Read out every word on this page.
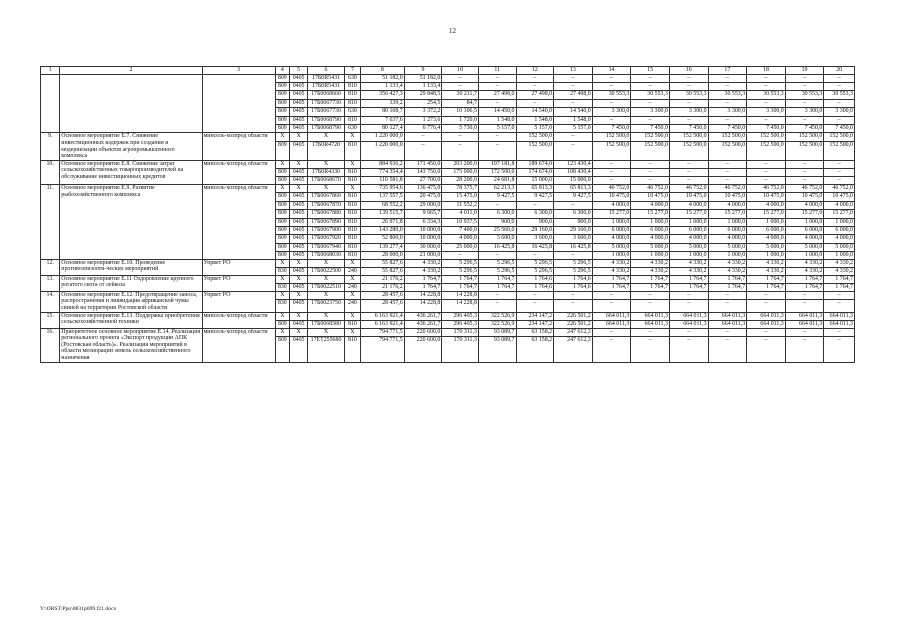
12
1	2	3	4	5	6	7	8	9	10	11	12	13	14	15	16	17	18	19	20
			809	0405	17Б0R5431	630	51 182,0	51 182,0	–	–	–	–	–	–	–	–	–	–	–
			809	0405	17Б0R5431	810	1 133,4	1 133,4	–	–	–	–	–	–	–	–	–	–	–
			809	0405	17Б0068660	810	356 427,3	29 848,5	30 211,7	27 498,0	27 498,0	27 498,0	30 553,3	30 553,3	30 553,3	30 553,3	30 553,3	30 553,3	30 553,3
			809	0405	17Б0067730	810	339,2	254,5	84,7	–	–	–	–	–	–	–	–	–	–
			809	0405	17Б0067730	630	80 108,7	3 372,2	10 106,5	14 450,0	14 540,0	14 540,0	3 300,0	3 300,0	3 300,0	3 300,0	3 300,0	3 300,0	3 300,0
			809	0405	17Б0068790	810	7 637,6	1 273,6	1 720,0	1 548,0	1 548,0	1 548,0	–	–	–	–	–	–	–
			809	0405	17Б0068790	630	80 127,4	6 776,4	5 730,0	5 157,0	5 157,0	5 157,0	7 450,0	7 450,0	7 450,0	7 450,0	7 450,0	7 450,0	7 450,0
9.	Основное мероприятие Е.7. Снижение инвестиционных издержек при создании и модернизации объектов агропромышленного комплекса	минсель-хозпрод области	X	X	X	X	1 220 000,0	–	–	–	152 500,0	–	152 500,0	152 500,0	152 500,0	152 500,0	152 500,0	152 500,0	152 500,0
			809	0405	17Б0R4720	810	1 220 000,0	–	–	–	152 500,0	–	152 500,0	152 500,0	152 500,0	152 500,0	152 500,0	152 500,0	152 500,0
10.	Основное мероприятие Е.8. Снижение затрат сельскохозяйственных товаропроизводителей на обслуживание инвестиционных кредитов	минсель-хозпрод области	X	X	X	X	884 936,2	171 450,0	203 200,0	197 181,8	189 674,0	123 430,4	–	–	–	–	–	–	–
			809	0405	17Б0R4330	810	774 354,4	143 750,0	175 000,0	172 500,0	174 674,0	108 430,4	–	–	–	–	–	–	–
			809	0405	17Б0068670	810	110 581,8	27 700,0	28 200,0	24 681,8	15 000,0	15 000,0	–	–	–	–	–	–	–
11.	Основное мероприятие Е.9. Развитие рыбохозяйственного комплекса	минсель-хозпрод области	X	X	X	X	735 954,6	136 475,0	78 375,7	62 213,3	65 813,3	65 813,3	46 752,0	46 752,0	46 752,0	46 752,0	46 752,0	46 752,0	46 752,0
			809	0405	17Б0067860	810	137 557,5	20 475,0	15 475,0	9 427,5	9 427,5	9 427,5	10 475,0	10 475,0	10 475,0	10 475,0	10 475,0	10 475,0	10 475,0
			809	0405	17Б0067870	810	68 552,2	29 000,0	11 552,2	–	–	–	4 000,0	4 000,0	4 000,0	4 000,0	4 000,0	4 000,0	4 000,0
			809	0405	17Б0067880	810	139 515,7	9 665,7	4 011,0	6 300,0	6 300,0	6 300,0	15 277,0	15 277,0	15 277,0	15 277,0	15 277,0	15 277,0	15 277,0
			809	0405	17Б0067890	810	26 971,8	6 334,3	10 937,5	900,0	900,0	900,0	1 000,0	1 000,0	1 000,0	1 000,0	1 000,0	1 000,0	1 000,0
			809	0405	17Б0067900	810	143 280,0	10 000,0	7 400,0	25 560,0	29 160,0	29 160,0	6 000,0	6 000,0	6 000,0	6 000,0	6 000,0	6 000,0	6 000,0
			809	0405	17Б0067920	810	52 800,0	10 000,0	4 000,0	3 600,0	3 600,0	3 600,0	4 000,0	4 000,0	4 000,0	4 000,0	4 000,0	4 000,0	4 000,0
			809	0405	17Б0067940	810	139 277,4	30 000,0	25 000,0	16 425,8	16 425,8	16 425,8	5 000,0	5 000,0	5 000,0	5 000,0	5 000,0	5 000,0	5 000,0
			809	0405	17Б0068030	810	28 000,0	21 000,0	–	–	–	–	1 000,0	1 000,0	1 000,0	1 000,0	1 000,0	1 000,0	1 000,0
12.	Основное мероприятие Е.10. Проведение противоэпизооти-ческих мероприятий	Упрвет РО	X	X	X	X	55 827,6	4 330,2	5 296,5	5 296,5	5 296,5	5 296,5	4 330,2	4 330,2	4 330,2	4 330,2	4 330,2	4 330,2	4 330,2
			830	0405	17Б0022500	240	55 827,6	4 330,2	5 296,5	5 296,5	5 296,5	5 296,5	4 330,2	4 330,2	4 330,2	4 330,2	4 330,2	4 330,2	4 330,2
13.	Основное мероприятие Е.11 Оздоровление крупного рогатого скота от лейкоза	Упрвет РО	X	X	X	X	21 176,2	1 764,7	1 764,7	1 764,7	1 764,6	1 764,6	1 764,7	1 764,7	1 764,7	1 764,7	1 764,7	1 764,7	1 764,7
			830	0405	17Б0022510	240	21 176,2	1 764,7	1 764,7	1 764,7	1 764,6	1 764,6	1 764,7	1 764,7	1 764,7	1 764,7	1 764,7	1 764,7	1 764,7
14.	Основное мероприятие Е.12. Предотвращение заноса, распространения и ликвидация африканской чумы свиней на территории Ростовской области	Упрвет РО	X	X	X	X	28 457,6	14 228,8	14 228,8	–	–	–	–	–	–	–	–	–	–
			830	0405	17Б0023750	240	28 457,6	14 228,8	14 228,8	–	–	–	–	–	–	–	–	–	–
15.	Основное мероприятие Е.13. Поддержка приобретения сельскохозяйственной техники	минсель-хозпрод области	X	X	X	X	6 163 921,4	436 261,7	296 405,3	322 526,9	234 147,2	226 501,2	664 011,3	664 011,3	664 011,3	664 011,3	664 011,3	664 011,3	664 011,3
			809	0405	17Б0068580	810	6 163 921,4	436 261,7	296 405,3	322 526,9	234 147,2	226 501,2	664 011,3	664 011,3	664 011,3	664 011,3	664 011,3	664 011,3	664 011,3
16.	Приоритетное основное мероприятие Е.14. Реализация регионального проекта «Экспорт продукции АПК (Ростовская область)». Реализация мероприятий в области мелиорации земель сельскохозяйственного назначения	минсель-хозпрод области	X	X	X	X	794 771,5	220 600,0	170 311,3	93 089,7	63 158,2	247 612,3	–	–	–	–	–	–	–
			809	0405	17ЕТ255680	810	794 771,5	220 600,0	170 311,3	93 089,7	63 158,2	247 612,3	–	–	–	–	–	–	–
Y:\ORST\Ppo\0831p699.f21.docx
